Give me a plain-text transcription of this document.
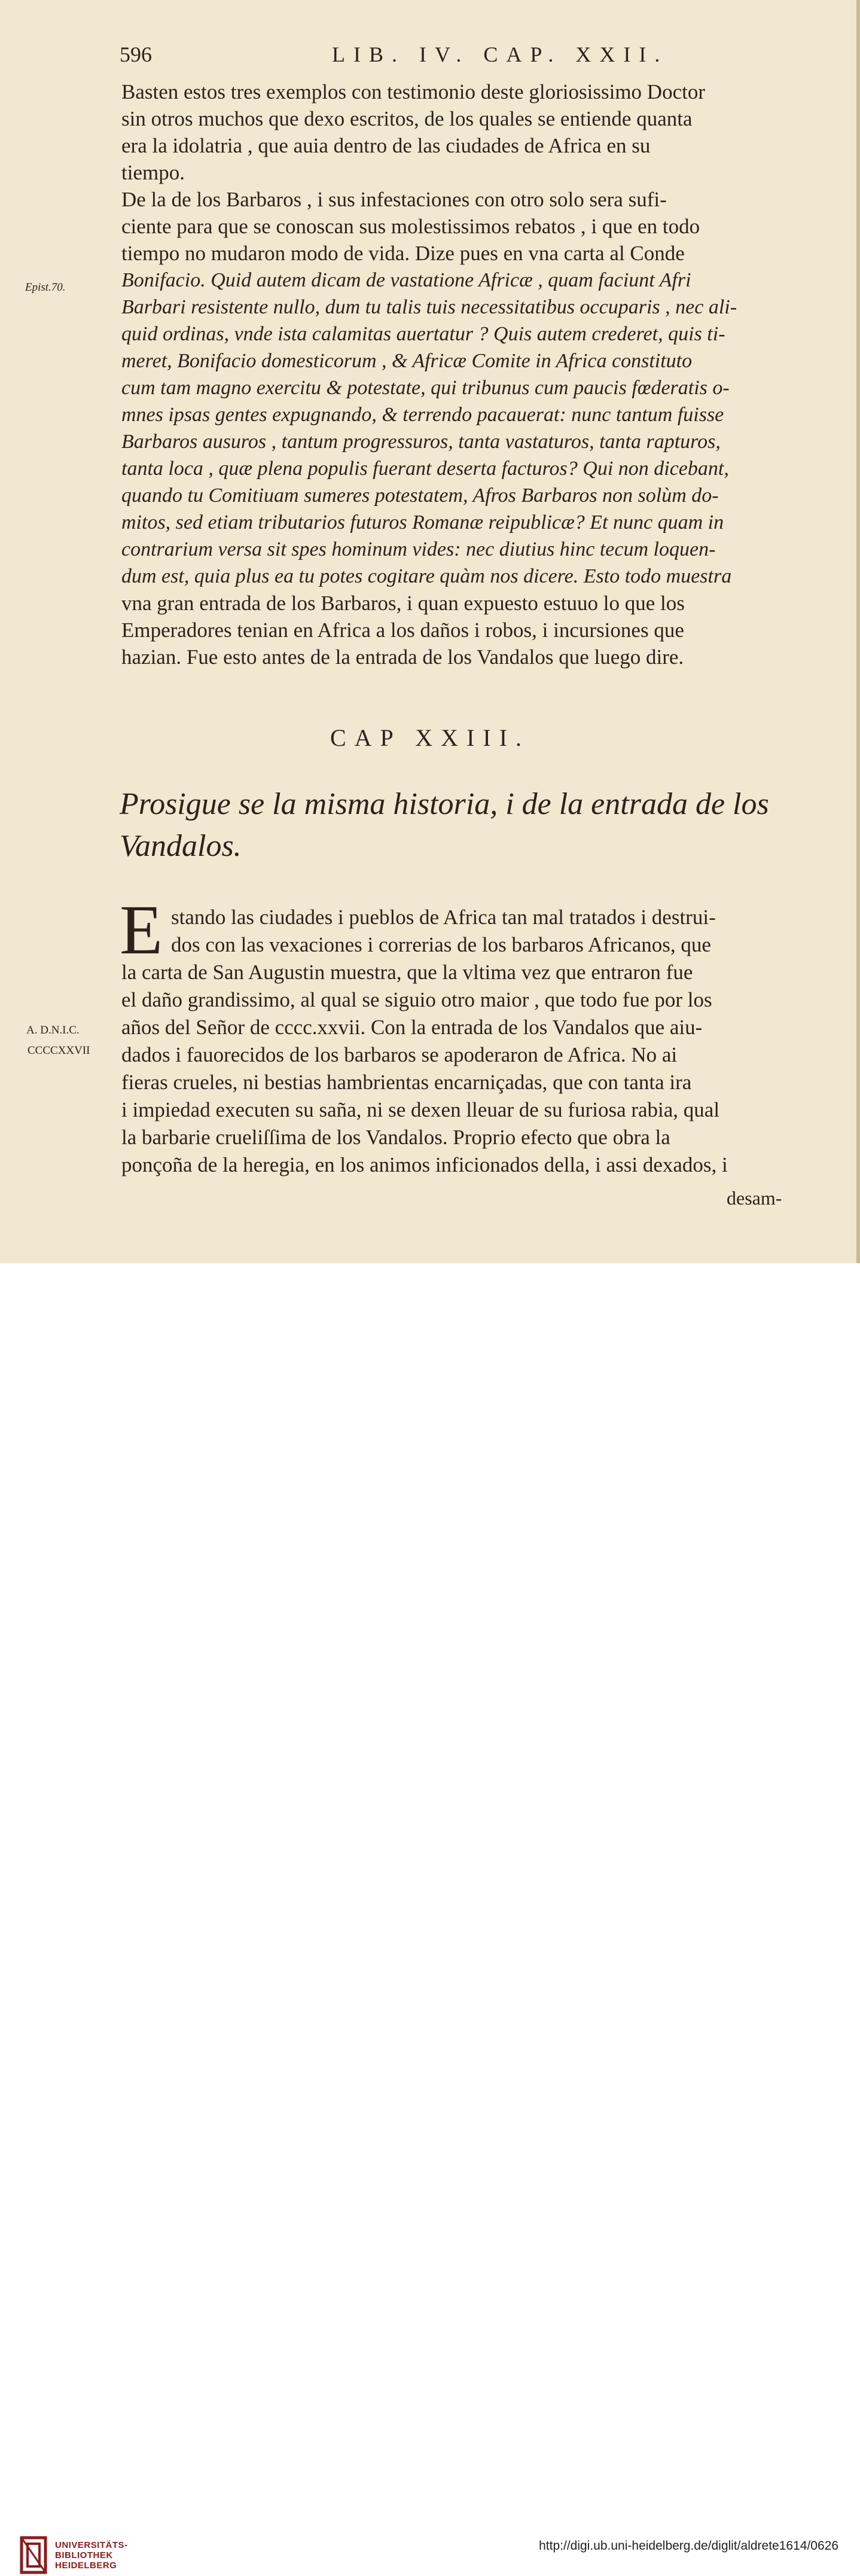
596	LIB. IV. CAP. XXII.
Epist.70.
Basten estos tres exemplos con testimonio deste gloriosissimo Doctor
sin otros muchos que dexo escritos, de los quales se entiende quanta
era la idolatria , que auia dentro de las ciudades de Africa en su
tiempo.
De la de los Barbaros , i sus infestaciones con otro solo sera sufi-
ciente para que se conoscan sus molestissimos rebatos , i que en todo
tiempo no mudaron modo de vida. Dize pues en vna carta al Conde
Bonifacio. Quid autem dicam de vastatione Africæ , quam faciunt Afri
Barbari resistente nullo, dum tu talis tuis necessitatibus occuparis , nec ali-
quid ordinas, vnde ista calamitas auertatur ? Quis autem crederet, quis ti-
meret, Bonifacio domesticorum , & Africæ Comite in Africa constituto
cum tam magno exercitu & potestate, qui tribunus cum paucis fœderatis o-
mnes ipsas gentes expugnando, & terrendo pacauerat: nunc tantum fuisse
Barbaros ausuros , tantum progressuros, tanta vastaturos, tanta rapturos,
tanta loca , quæ plena populis fuerant deserta facturos? Qui non dicebant,
quando tu Comitiuam sumeres potestatem, Afros Barbaros non solùm do-
mitos, sed etiam tributarios futuros Romanæ reipublicæ? Et nunc quam in
contrarium versa sit spes hominum vides: nec diutius hinc tecum loquen-
dum est, quia plus ea tu potes cogitare quàm nos dicere. Esto todo muestra
vna gran entrada de los Barbaros, i quan expuesto estuuo lo que los
Emperadores tenian en Africa a los daños i robos, i incursiones que
hazian. Fue esto antes de la entrada de los Vandalos que luego dire.
CAP XXIII.
Prosigue se la misma historia, i de la entrada de los Vandalos.
E
A. D.N.I.C.
CCCCXXVII
stando las ciudades i pueblos de Africa tan mal tratados i destrui-
dos con las vexaciones i correrias de los barbaros Africanos, que
la carta de San Augustin muestra, que la vltima vez que entraron fue
el daño grandissimo, al qual se siguio otro maior , que todo fue por los
años del Señor de cccc.xxvii. Con la entrada de los Vandalos que aiu-
dados i fauorecidos de los barbaros se apoderaron de Africa. No ai
fieras crueles, ni bestias hambrientas encarniçadas, que con tanta ira
i impiedad executen su saña, ni se dexen lleuar de su furiosa rabia, qual
la barbarie crueliſſima de los Vandalos. Proprio efecto que obra la
ponçoña de la heregia, en los animos inficionados della, i assi dexados, i
desam-
UNIVERSITÄTS-
BIBLIOTHEK
HEIDELBERG
http://digi.ub.uni-heidelberg.de/diglit/aldrete1614/0626
